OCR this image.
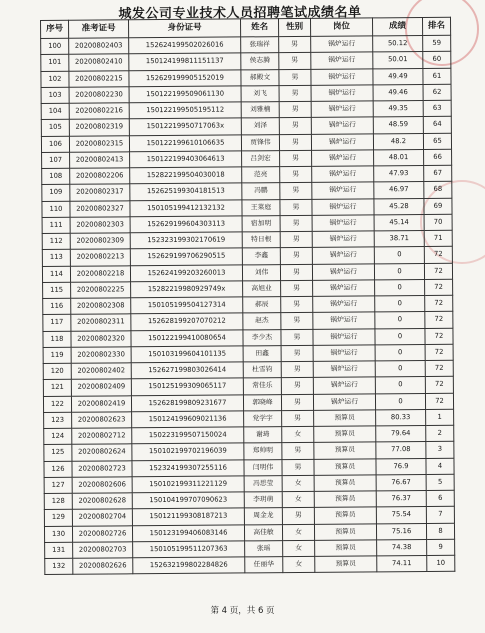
城发公司专业技术人员招聘笔试成绩名单
序号	准考证号	身份证号	姓名	性别	岗位	成绩	排名
100	20200802403	152624199502026016	张瑞祥	男	锅炉运行	50.12	59
101	20200802410	150124199811151137	侯志腾	男	锅炉运行	50.01	60
102	20200802215	152629199905152019	郝殿文	男	锅炉运行	49.49	61
103	20200802230	150122199509061130	刘飞	男	锅炉运行	49.46	62
104	20200802216	150122199505195112	刘雅楠	男	锅炉运行	49.35	63
105	20200802319	15012219950717063x	刘泽	男	锅炉运行	48.59	64
106	20200802315	150122199610106635	贾锋伟	男	锅炉运行	48.2	65
107	20200802413	150122199403064613	吕剑宏	男	锅炉运行	48.01	66
108	20200802206	152822199504030018	范亮	男	锅炉运行	47.93	67
109	20200802317	152625199304181513	冯鹏	男	锅炉运行	46.97	68
110	20200802327	150105199412132132	王菜庭	男	锅炉运行	45.28	69
111	20200802303	152629199604303113	宿加明	男	锅炉运行	45.14	70
112	20200802309	152323199302170619	特日根	男	锅炉运行	38.71	71
113	20200802213	152629199706290515	李鑫	男	锅炉运行	0	72
114	20200802218	152624199203260013	刘伟	男	锅炉运行	0	72
115	20200802225	15282219980929749x	高旭业	男	锅炉运行	0	72
116	20200802308	150105199504127314	郝辰	男	锅炉运行	0	72
117	20200802311	152628199207070212	赵杰	男	锅炉运行	0	72
118	20200802320	150122199410080654	李少杰	男	锅炉运行	0	72
119	20200802330	150103199604101135	田鑫	男	锅炉运行	0	72
120	20200802402	152627199803026414	杜雪钧	男	锅炉运行	0	72
121	20200802409	150125199309065117	常佳乐	男	锅炉运行	0	72
122	20200802419	152628199809231677	郭晓峰	男	锅炉运行	0	72
123	20200802623	150124199609021136	党学宇	男	预算员	80.33	1
124	20200802712	150223199507150024	谢琦	女	预算员	79.64	2
125	20200802624	150102199702196039	郑帅明	男	预算员	77.08	3
126	20200802723	152324199307255116	闫明伟	男	预算员	76.9	4
127	20200802606	150102199311221129	冯思莹	女	预算员	76.67	5
128	20200802628	150104199707090623	李玥萌	女	预算员	76.37	6
129	20200802704	150121199308187213	周金龙	男	预算员	75.54	7
130	20200802726	150123199406083146	高佳敏	女	预算员	75.16	8
131	20200802703	150105199511207363	张瑶	女	预算员	74.38	9
132	20200802626	152632199802284826	任丽华	女	预算员	74.11	10
第 4 页，共 6 页
